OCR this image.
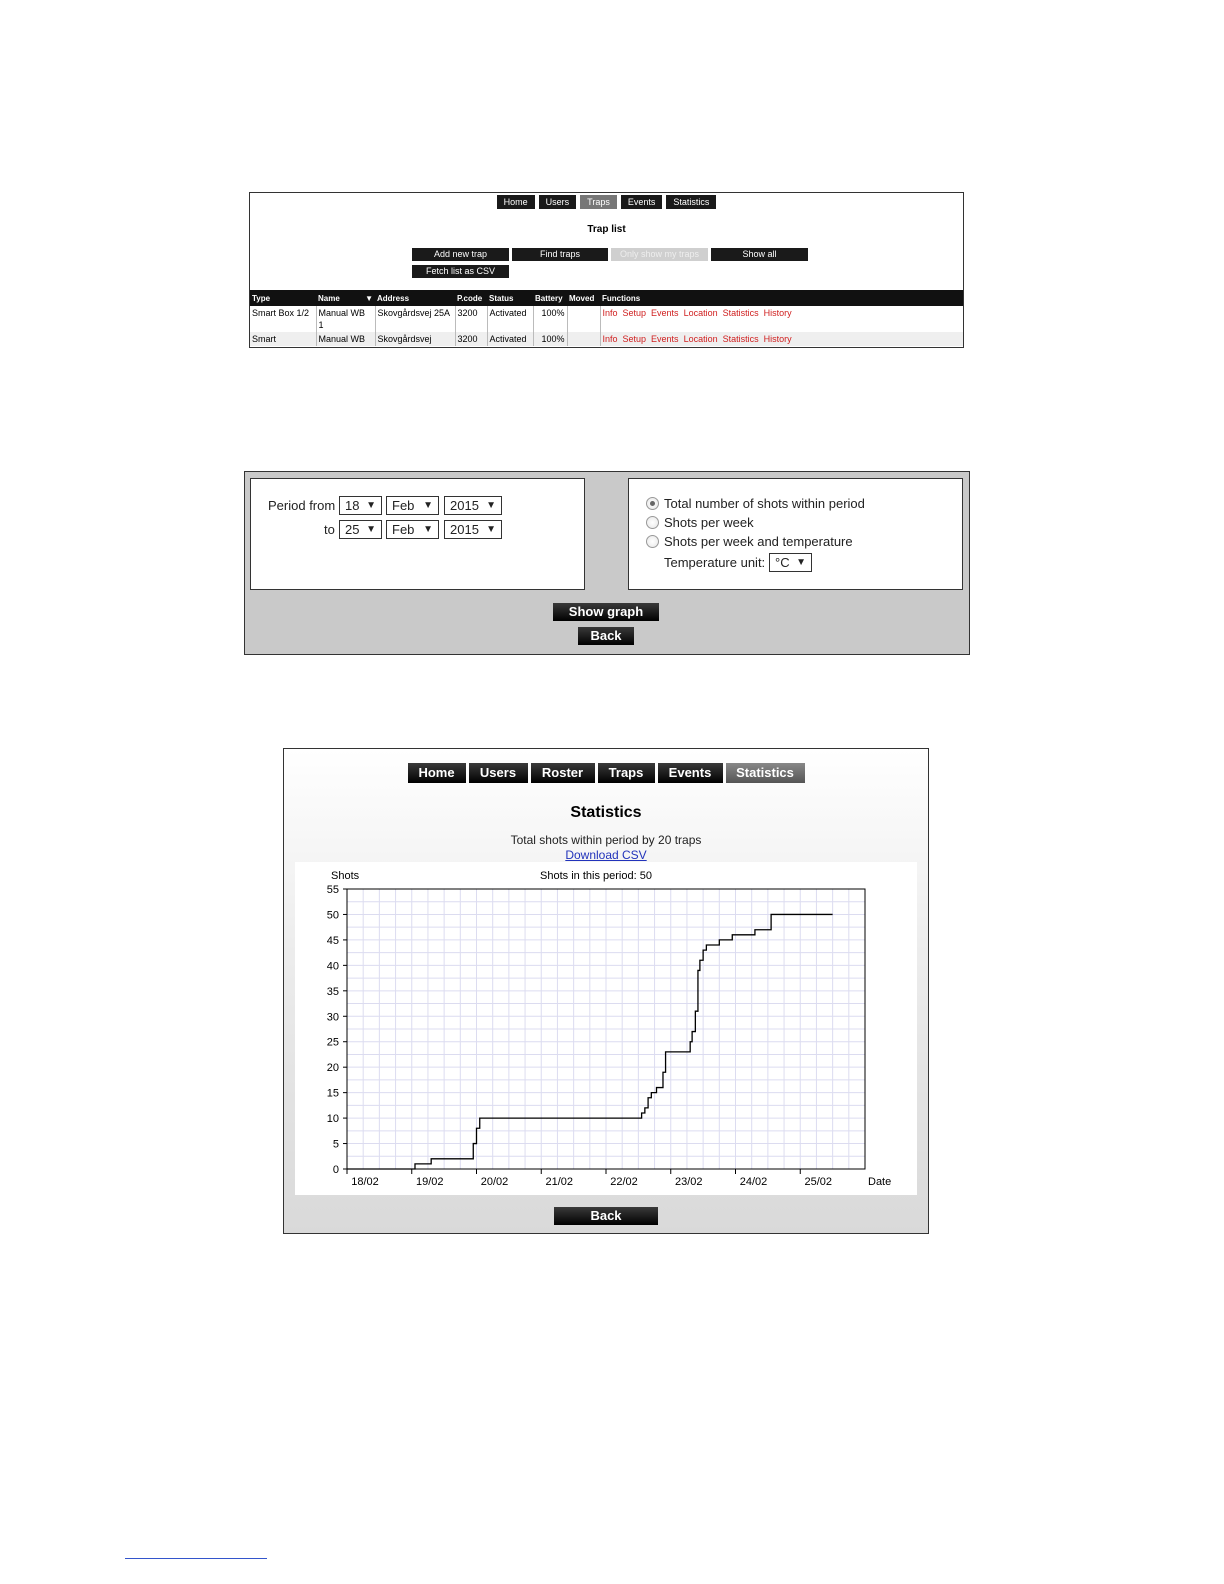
Home	Users	Traps	Events	Statistics
Trap list
Add new trap	Find traps	Only show my traps	Show all
Fetch list as CSV
Type	Name ▼	Address	P.code	Status	Battery	Moved	Functions
Smart Box 1/2	Manual WB 1	Skovgårdsvej 25A	3200	Activated	100%		Info Setup Events Location Statistics History
Smart	Manual WB	Skovgårdsvej	3200	Activated	100%		Info Setup Events Location Statistics History
Period from 18 ▼	Feb ▼	2015 ▼
to 25 ▼	Feb ▼	2015 ▼
Total number of shots within period
Shots per week
Shots per week and temperature
Temperature unit: °C ▼
Show graph
Back
Home	Users	Roster	Traps	Events	Statistics
Statistics
Total shots within period by 20 traps
Download CSV
0
5
10
15
20
25
30
35
40
45
50
55
18/02	19/02	20/02	21/02	22/02	23/02	24/02	25/02
Shots
Date
Shots in this period: 50
Back
